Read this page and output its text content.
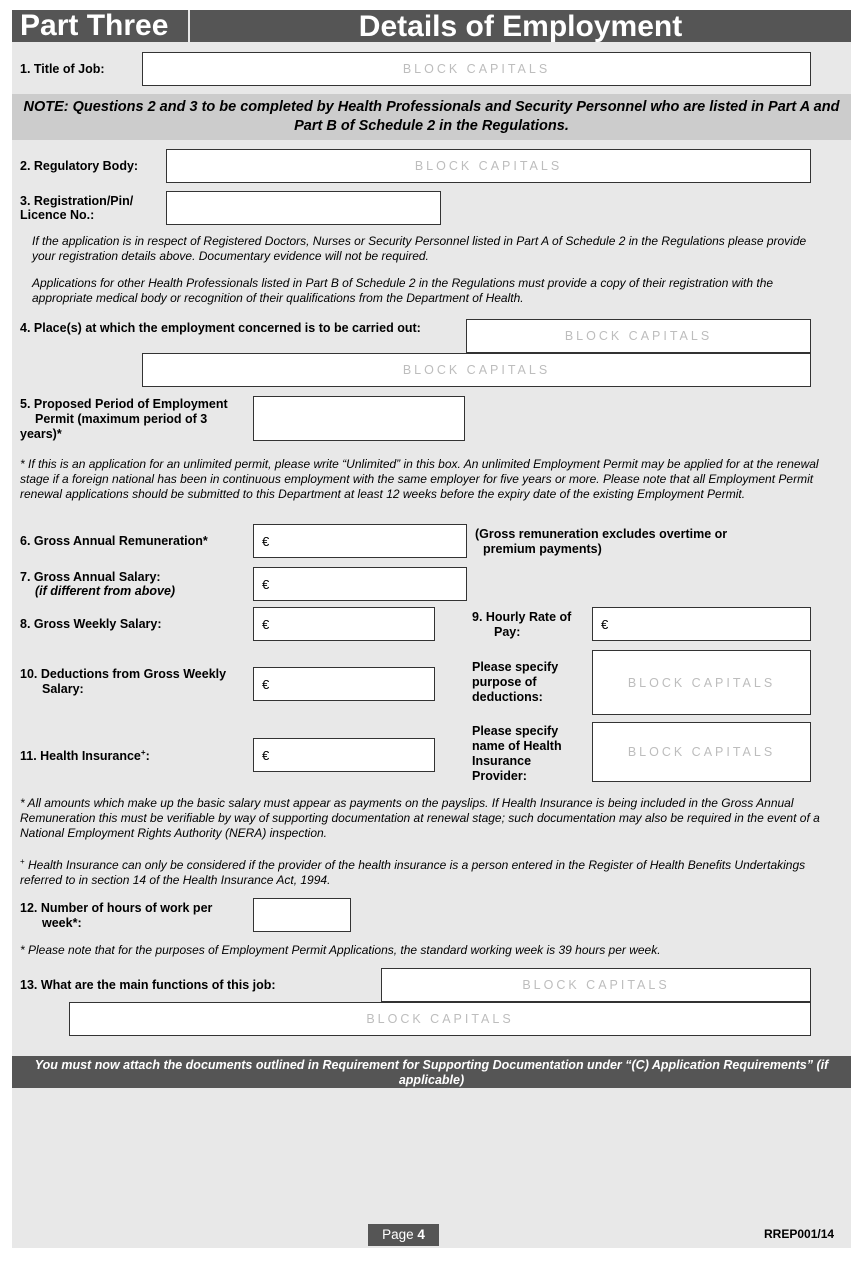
Part Three	Details of Employment
1. Title of Job:	BLOCK CAPITALS
NOTE: Questions 2 and 3 to be completed by Health Professionals and Security Personnel who are listed in Part A and Part B of Schedule 2 in the Regulations.
2. Regulatory Body:	BLOCK CAPITALS
3. Registration/Pin/
Licence No.:
If the application is in respect of Registered Doctors, Nurses or Security Personnel listed in Part A of Schedule 2 in the Regulations please provide your registration details above. Documentary evidence will not be required.
Applications for other Health Professionals listed in Part B of Schedule 2 in the Regulations must provide a copy of their registration with the appropriate medical body or recognition of their qualifications from the Department of Health.
4. Place(s) at which the employment concerned is to be carried out:
BLOCK CAPITALS
BLOCK CAPITALS
5. Proposed Period of Employment
Permit (maximum period of 3
years)*
* If this is an application for an unlimited permit, please write “Unlimited” in this box. An unlimited Employment Permit may be applied for at the renewal stage if a foreign national has been in continuous employment with the same employer for five years or more. Please note that all Employment Permit renewal applications should be submitted to this Department at least 12 weeks before the expiry date of the existing Employment Permit.
6. Gross Annual Remuneration*	€	(Gross remuneration excludes overtime or
premium payments)
7. Gross Annual Salary:
(if different from above)	€
8. Gross Weekly Salary:	€	9. Hourly Rate of
Pay:
€
10. Deductions from Gross Weekly
Salary:	€
Please specify
purpose of
deductions:
BLOCK CAPITALS
11. Health Insurance+:	€
Please specify
name of Health
Insurance
Provider:
BLOCK CAPITALS
* All amounts which make up the basic salary must appear as payments on the payslips. If Health Insurance is being included in the Gross Annual Remuneration this must be verifiable by way of supporting documentation at renewal stage; such documentation may also be required in the event of a National Employment Rights Authority (NERA) inspection.
+ Health Insurance can only be considered if the provider of the health insurance is a person entered in the Register of Health Benefits Undertakings referred to in section 14 of the Health Insurance Act, 1994.
12. Number of hours of work per
week*:
* Please note that for the purposes of Employment Permit Applications, the standard working week is 39 hours per week.
13. What are the main functions of this job:	BLOCK CAPITALS
BLOCK CAPITALS
You must now attach the documents outlined in Requirement for Supporting Documentation under “(C) Application Requirements” (if applicable)
Page 4	RREP001/14
